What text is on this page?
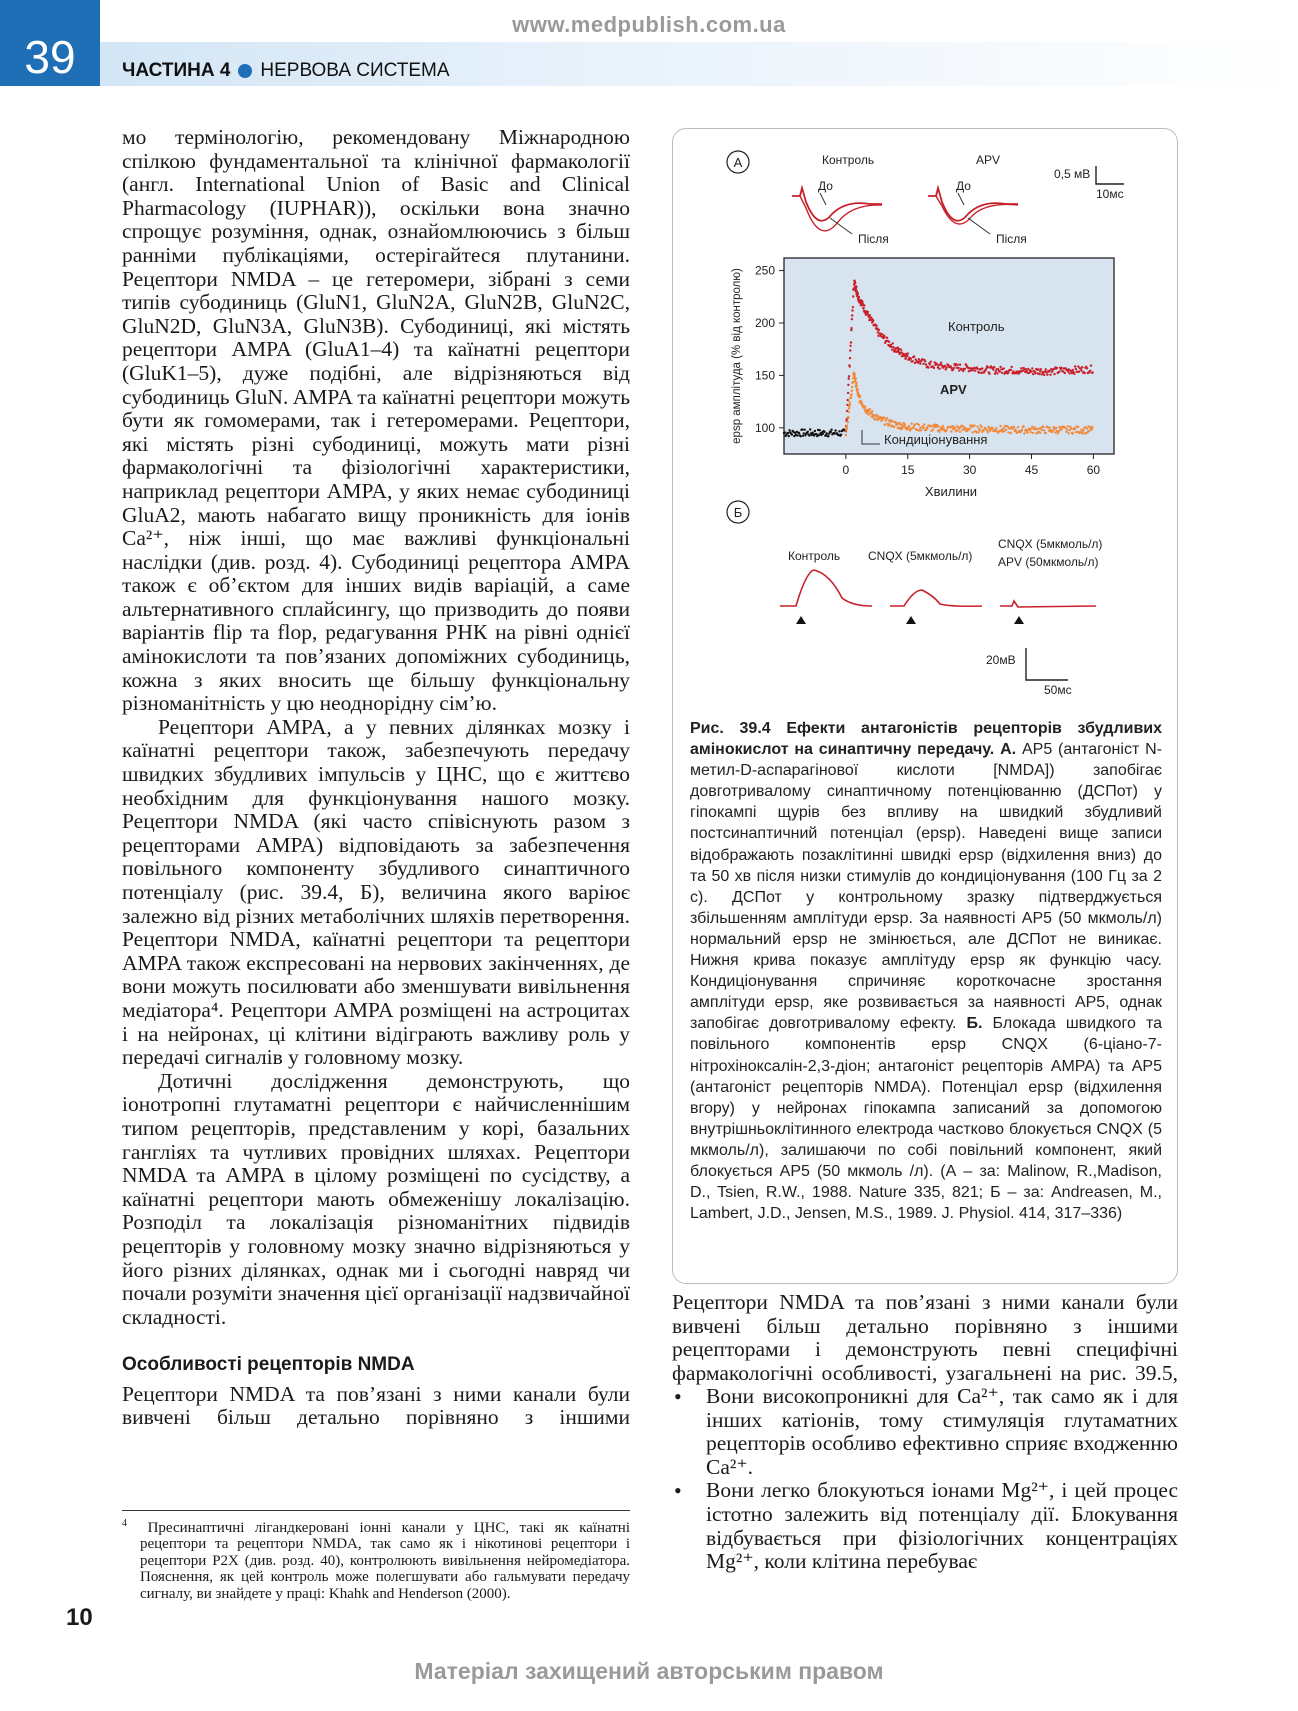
www.medpublish.com.ua
39 ЧАСТИНА 4 НЕРВОВА СИСТЕМА

мо термінологію, рекомендовану Міжнародною спілкою фундаментальної та клінічної фармакології (англ. International Union of Basic and Clinical Pharmacology (IUPHAR)), оскільки вона значно спрощує розуміння, однак, ознайомлюючись з більш ранніми публікаціями, остерігайтеся плутанини. Рецептори NMDA – це гетеромери, зібрані з семи типів субодиниць (GluN1, GluN2A, GluN2B, GluN2C, GluN2D, GluN3A, GluN3B). Субодиниці, які містять рецептори AMPA (GluA1–4) та каїнатні рецептори (GluK1–5), дуже подібні, але відрізняються від субодиниць GluN. AMPA та каїнатні рецептори можуть бути як гомомерами, так і гетеромерами. Рецептори, які містять різні субодиниці, можуть мати різні фармакологічні та фізіологічні характеристики, наприклад рецептори AMPA, у яких немає субодиниці GluA2, мають набагато вищу проникність для іонів Ca²⁺, ніж інші, що має важливі функціональні наслідки (див. розд. 4). Субодиниці рецептора AMPA також є об’єктом для інших видів варіацій, а саме альтернативного сплайсингу, що призводить до появи варіантів flip та flop, редагування РНК на рівні однієї амінокислоти та пов’язаних допоміжних субодиниць, кожна з яких вносить ще більшу функціональну різноманітність у цю неоднорідну сім’ю.

Рецептори AMPA, а у певних ділянках мозку і каїнатні рецептори також, забезпечують передачу швидких збудливих імпульсів у ЦНС, що є життєво необхідним для функціонування нашого мозку. Рецептори NMDA (які часто співіснують разом з рецепторами AMPA) відповідають за забезпечення повільного компоненту збудливого синаптичного потенціалу (рис. 39.4, Б), величина якого варіює залежно від різних метаболічних шляхів перетворення. Рецептори NMDA, каїнатні рецептори та рецептори AMPA також експресовані на нервових закінченнях, де вони можуть посилювати або зменшувати вивільнення медіатора⁴. Рецептори AMPA розміщені на астроцитах і на нейронах, ці клітини відіграють важливу роль у передачі сигналів у головному мозку.

Дотичні дослідження демонструють, що іонотропні глутаматні рецептори є найчисленнішим типом рецепторів, представленим у корі, базальних гангліях та чутливих провідних шляхах. Рецептори NMDA та AMPA в цілому розміщені по сусідству, а каїнатні рецептори мають обмеженішу локалізацію. Розподіл та локалізація різноманітних підвидів рецепторів у головному мозку значно відрізняються у його різних ділянках, однак ми і сьогодні навряд чи почали розуміти значення цієї організації надзвичайної складності.

Особливості рецепторів NMDA

Рецептори NMDA та пов’язані з ними канали були вивчені більш детально порівняно з іншими

$^4$ Пресинаптичні лігандкеровані іонні канали у ЦНС, такі як каїнатні рецептори та рецептори NMDA, так само як і нікотинові рецептори і рецептори P2X (див. розд. 40), контролюють вивільнення нейромедіатора. Пояснення, як цей контроль може полегшувати або гальмувати передачу сигналу, ви знайдете у праці: Khahk and Henderson (2000).
10
А	Контроль	APV
До	До
Після	Після
0,5 мВ
10мс
0	15	30	45	60
100
150
200
250
epsp амплітуда (% від контролю)
Хвилини
Контроль
APV
Кондиціонування
Б
Контроль CNQX (5мкмоль/л)
CNQX (5мкмоль/л)
APV (50мкмоль/л)
20мВ
50мс
Рис. 39.4 Ефекти антагоністів рецепторів збудливих амінокислот на синаптичну передачу. А. AP5 (антагоніст N-метил-D-аспарагінової кислоти [NMDA]) запобігає довготривалому синаптичному потенціюванню (ДСПот) у гіпокампі щурів без впливу на швидкий збудливий постсинаптичний потенціал (epsp). Наведені вище записи відображають позаклітинні швидкі epsp (відхилення вниз) до та 50 хв після низки стимулів до кондиціонування (100 Гц за 2 с). ДСПот у контрольному зразку підтверджується збільшенням амплітуди epsp. За наявності AP5 (50 мкмоль/л) нормальний epsp не змінюється, але ДСПот не виникає. Нижня крива показує амплітуду epsp як функцію часу. Кондиціонування спричиняє короткочасне зростання амплітуди epsp, яке розвивається за наявності AP5, однак запобігає довготривалому ефекту. Б. Блокада швидкого та повільного компонентів epsp CNQX (6-ціано-7-нітрохіноксалін-2,3-діон; антагоніст рецепторів AMPA) та AP5 (антагоніст рецепторів NMDA). Потенціал epsp (відхилення вгору) у нейронах гіпокампа записаний за допомогою внутрішньоклітинного електрода частково блокується CNQX (5 мкмоль/л), залишаючи по собі повільний компонент, який блокується AP5 (50 мкмоль /л). (А – за: Malinow, R.,Madison, D., Tsien, R.W., 1988. Nature 335, 821; Б – за: Andreasen, M., Lambert, J.D., Jensen, M.S., 1989. J. Physiol. 414, 317–336)

Рецептори NMDA та пов’язані з ними канали були вивчені більш детально порівняно з іншими рецепторами і демонструють певні специфічні фармакологічні особливості, узагальнені на рис. 39.5,

• Вони високопроникні для Ca²⁺, так само як і для інших катіонів, тому стимуляція глутаматних рецепторів особливо ефективно сприяє входженню Ca²⁺.
• Вони легко блокуються іонами Mg²⁺, і цей процес істотно залежить від потенціалу дії. Блокування відбувається при фізіологічних концентраціях Mg²⁺, коли клітина перебуває
Матеріал захищений авторським правом
